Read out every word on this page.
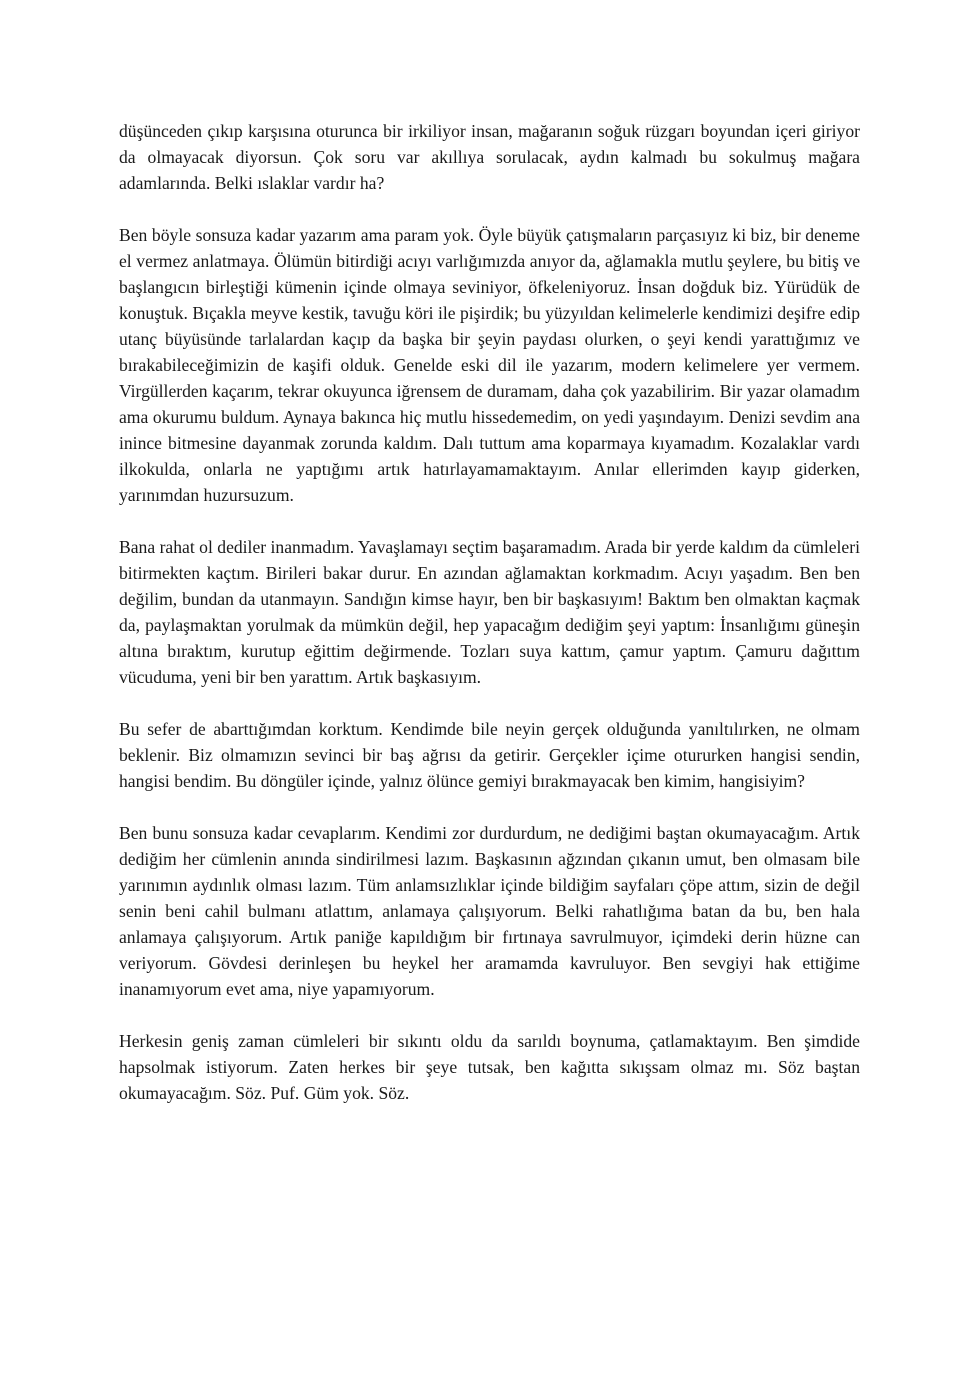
düşünceden çıkıp karşısına oturunca bir irkiliyor insan, mağaranın soğuk rüzgarı boyundan içeri giriyor da olmayacak diyorsun. Çok soru var akıllıya sorulacak, aydın kalmadı bu sokulmuş mağara adamlarında. Belki ıslaklar vardır ha?

Ben böyle sonsuza kadar yazarım ama param yok. Öyle büyük çatışmaların parçasıyız ki biz, bir deneme el vermez anlatmaya. Ölümün bitirdiği acıyı varlığımızda anıyor da, ağlamakla mutlu şeylere, bu bitiş ve başlangıcın birleştiği kümenin içinde olmaya seviniyor, öfkeleniyoruz. İnsan doğduk biz. Yürüdük de konuştuk. Bıçakla meyve kestik, tavuğu köri ile pişirdik; bu yüzyıldan kelimelerle kendimizi deşifre edip utanç büyüsünde tarlalardan kaçıp da başka bir şeyin paydası olurken, o şeyi kendi yarattığımız ve bırakabileceğimizin de kaşifi olduk. Genelde eski dil ile yazarım, modern kelimelere yer vermem. Virgüllerden kaçarım, tekrar okuyunca iğrensem de duramam, daha çok yazabilirim. Bir yazar olamadım ama okurumu buldum. Aynaya bakınca hiç mutlu hissedemedim, on yedi yaşındayım. Denizi sevdim ana inince bitmesine dayanmak zorunda kaldım. Dalı tuttum ama koparmaya kıyamadım. Kozalaklar vardı ilkokulda, onlarla ne yaptığımı artık hatırlayamamaktayım. Anılar ellerimden kayıp giderken, yarınımdan huzursuzum.

Bana rahat ol dediler inanmadım. Yavaşlamayı seçtim başaramadım. Arada bir yerde kaldım da cümleleri bitirmekten kaçtım. Birileri bakar durur. En azından ağlamaktan korkmadım. Acıyı yaşadım. Ben ben değilim, bundan da utanmayın. Sandığın kimse hayır, ben bir başkasıyım! Baktım ben olmaktan kaçmak da, paylaşmaktan yorulmak da mümkün değil, hep yapacağım dediğim şeyi yaptım: İnsanlığımı güneşin altına bıraktım, kurutup eğittim değirmende. Tozları suya kattım, çamur yaptım. Çamuru dağıttım vücuduma, yeni bir ben yarattım. Artık başkasıyım.

Bu sefer de abarttığımdan korktum. Kendimde bile neyin gerçek olduğunda yanıltılırken, ne olmam beklenir. Biz olmamızın sevinci bir baş ağrısı da getirir. Gerçekler içime otururken hangisi sendin, hangisi bendim. Bu döngüler içinde, yalnız ölünce gemiyi bırakmayacak ben kimim, hangisiyim?

Ben bunu sonsuza kadar cevaplarım. Kendimi zor durdurdum, ne dediğimi baştan okumayacağım. Artık dediğim her cümlenin anında sindirilmesi lazım. Başkasının ağzından çıkanın umut, ben olmasam bile yarınımın aydınlık olması lazım. Tüm anlamsızlıklar içinde bildiğim sayfaları çöpe attım, sizin de değil senin beni cahil bulmanı atlattım, anlamaya çalışıyorum. Belki rahatlığıma batan da bu, ben hala anlamaya çalışıyorum. Artık paniğe kapıldığım bir fırtınaya savrulmuyor, içimdeki derin hüzne can veriyorum. Gövdesi derinleşen bu heykel her aramamda kavruluyor. Ben sevgiyi hak ettiğime inanamıyorum evet ama, niye yapamıyorum.

Herkesin geniş zaman cümleleri bir sıkıntı oldu da sarıldı boynuma, çatlamaktayım. Ben şimdide hapsolmak istiyorum. Zaten herkes bir şeye tutsak, ben kağıtta sıkışsam olmaz mı. Söz baştan okumayacağım. Söz. Puf. Güm yok. Söz.
